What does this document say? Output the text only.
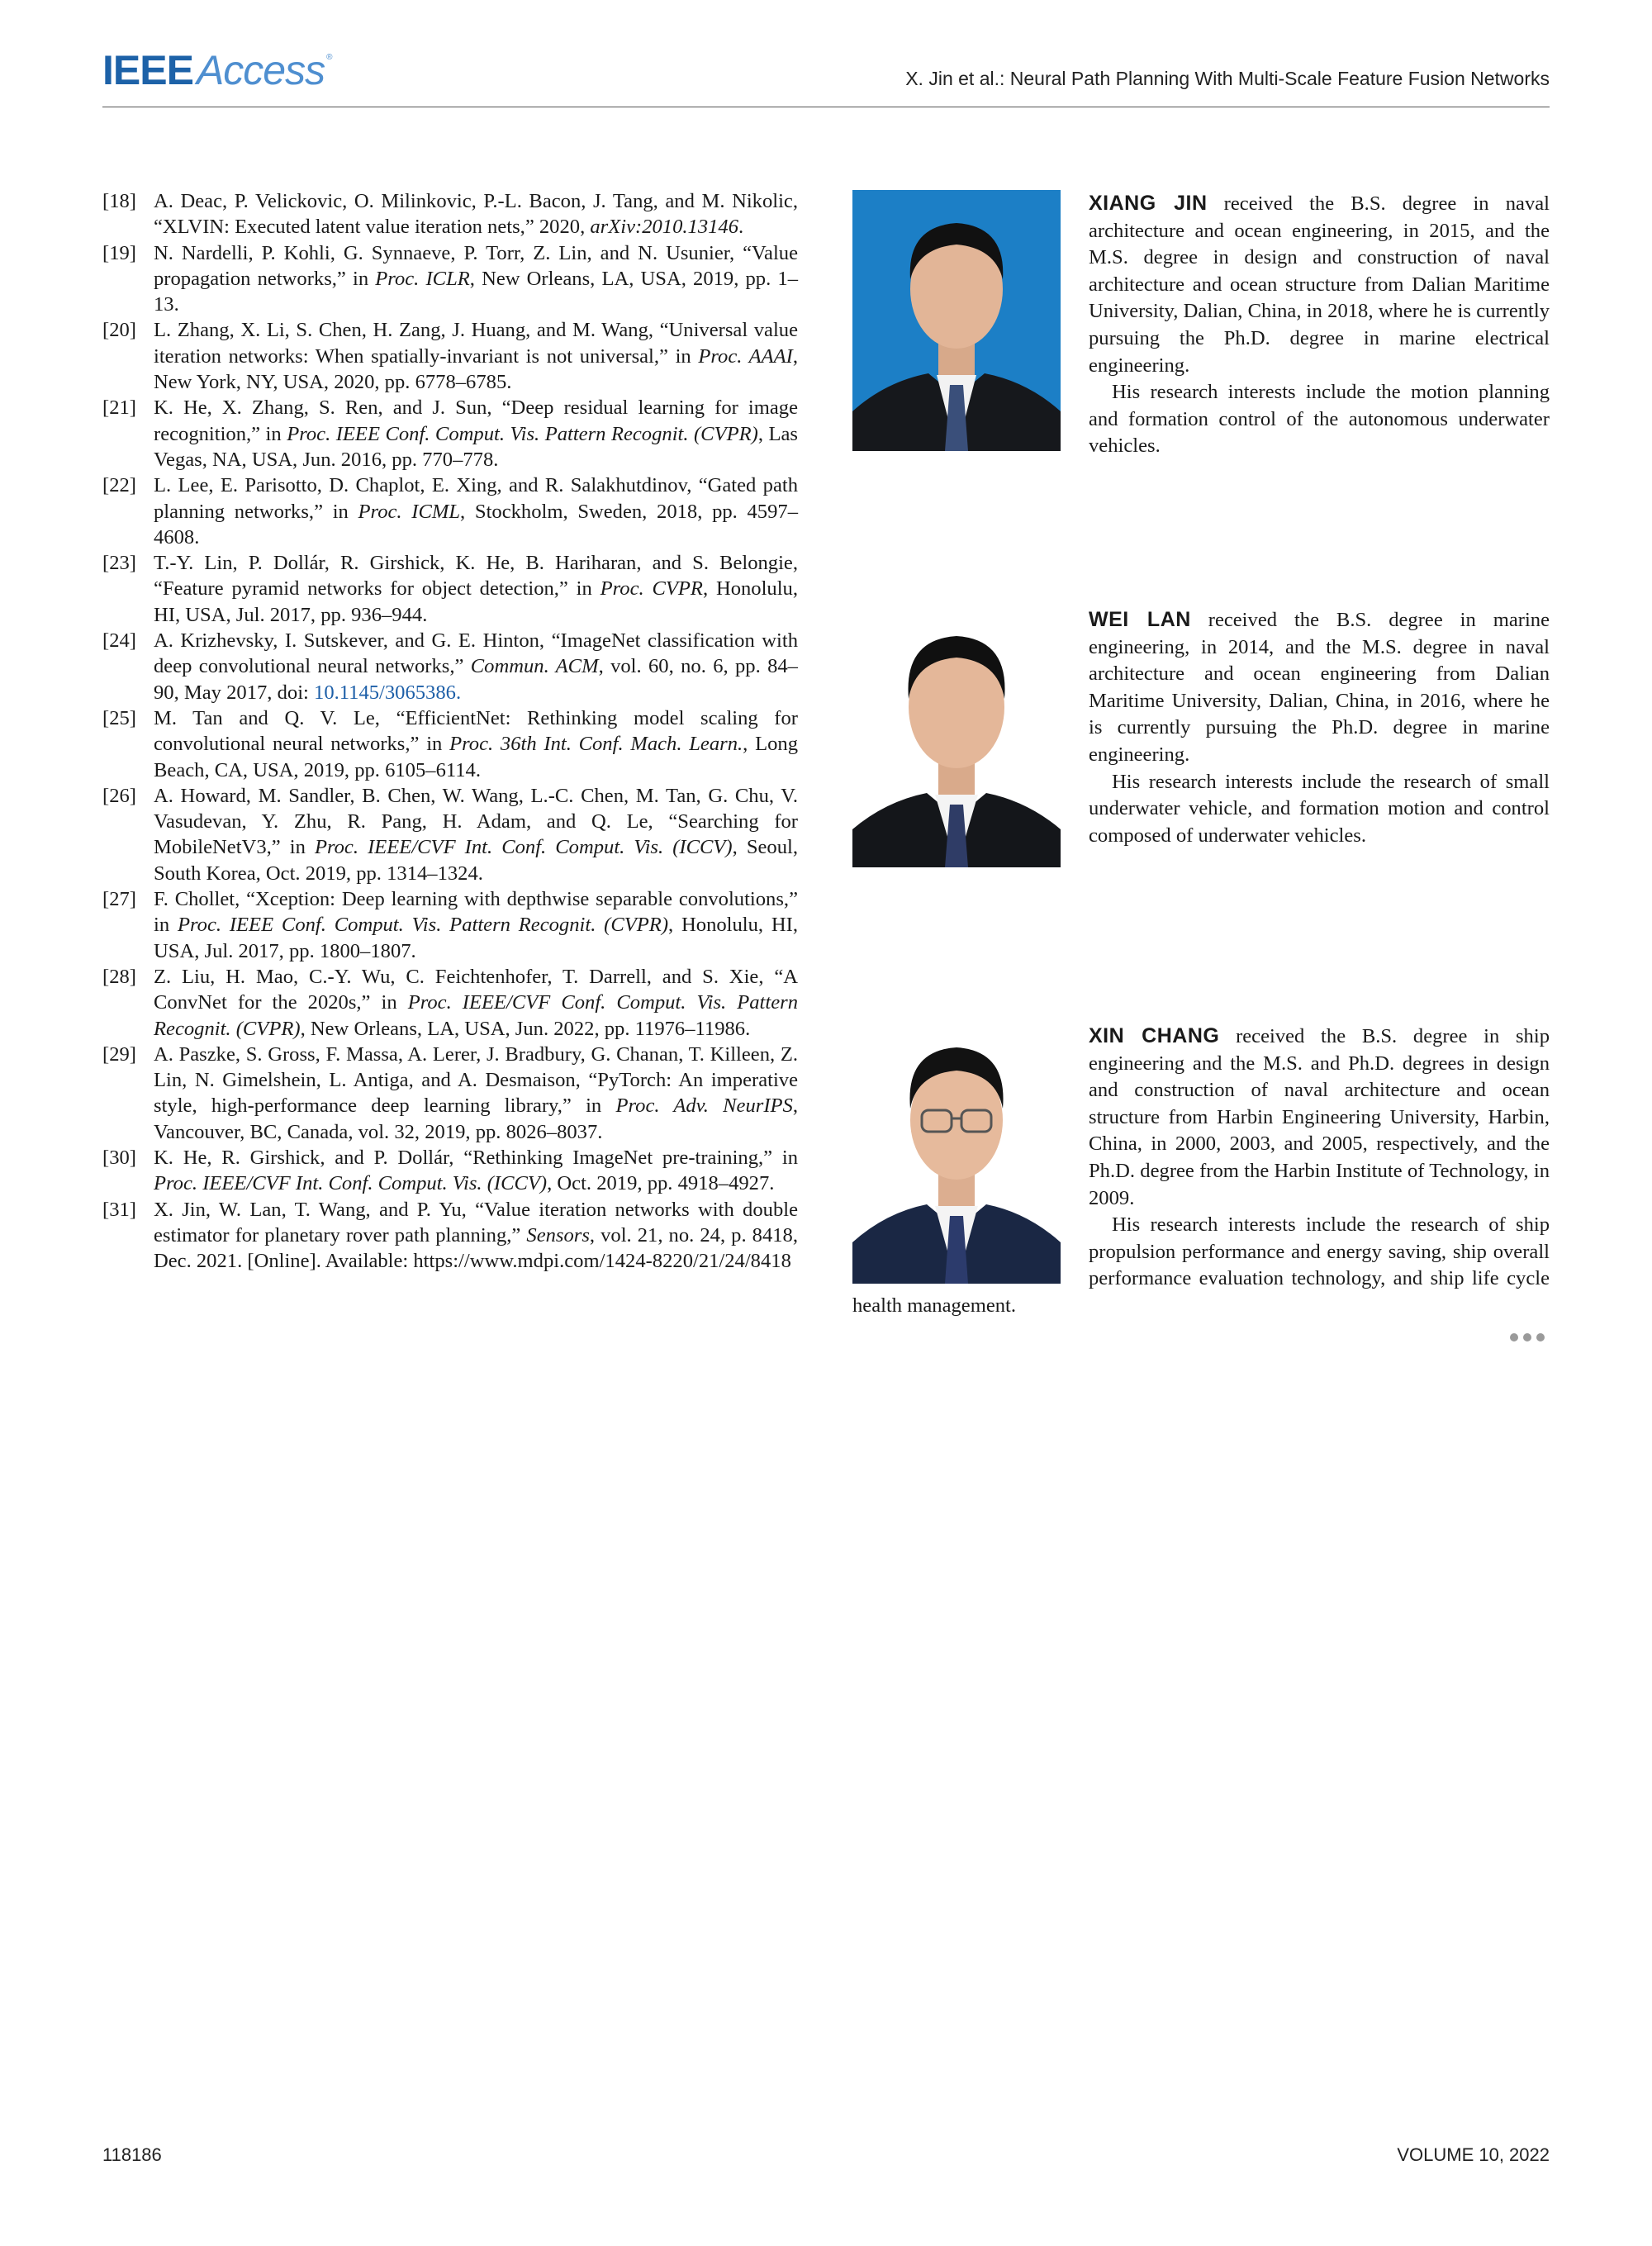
IEEE Access ®
X. Jin et al.: Neural Path Planning With Multi-Scale Feature Fusion Networks
[18] A. Deac, P. Velickovic, O. Milinkovic, P.-L. Bacon, J. Tang, and M. Nikolic, “XLVIN: Executed latent value iteration nets,” 2020, arXiv:2010.13146.
[19] N. Nardelli, P. Kohli, G. Synnaeve, P. Torr, Z. Lin, and N. Usunier, “Value propagation networks,” in Proc. ICLR, New Orleans, LA, USA, 2019, pp. 1–13.
[20] L. Zhang, X. Li, S. Chen, H. Zang, J. Huang, and M. Wang, “Universal value iteration networks: When spatially-invariant is not universal,” in Proc. AAAI, New York, NY, USA, 2020, pp. 6778–6785.
[21] K. He, X. Zhang, S. Ren, and J. Sun, “Deep residual learning for image recognition,” in Proc. IEEE Conf. Comput. Vis. Pattern Recognit. (CVPR), Las Vegas, NA, USA, Jun. 2016, pp. 770–778.
[22] L. Lee, E. Parisotto, D. Chaplot, E. Xing, and R. Salakhutdinov, “Gated path planning networks,” in Proc. ICML, Stockholm, Sweden, 2018, pp. 4597–4608.
[23] T.-Y. Lin, P. Dollár, R. Girshick, K. He, B. Hariharan, and S. Belongie, “Feature pyramid networks for object detection,” in Proc. CVPR, Honolulu, HI, USA, Jul. 2017, pp. 936–944.
[24] A. Krizhevsky, I. Sutskever, and G. E. Hinton, “ImageNet classification with deep convolutional neural networks,” Commun. ACM, vol. 60, no. 6, pp. 84–90, May 2017, doi: 10.1145/3065386.
[25] M. Tan and Q. V. Le, “EfficientNet: Rethinking model scaling for convolutional neural networks,” in Proc. 36th Int. Conf. Mach. Learn., Long Beach, CA, USA, 2019, pp. 6105–6114.
[26] A. Howard, M. Sandler, B. Chen, W. Wang, L.-C. Chen, M. Tan, G. Chu, V. Vasudevan, Y. Zhu, R. Pang, H. Adam, and Q. Le, “Searching for MobileNetV3,” in Proc. IEEE/CVF Int. Conf. Comput. Vis. (ICCV), Seoul, South Korea, Oct. 2019, pp. 1314–1324.
[27] F. Chollet, “Xception: Deep learning with depthwise separable convolutions,” in Proc. IEEE Conf. Comput. Vis. Pattern Recognit. (CVPR), Honolulu, HI, USA, Jul. 2017, pp. 1800–1807.
[28] Z. Liu, H. Mao, C.-Y. Wu, C. Feichtenhofer, T. Darrell, and S. Xie, “A ConvNet for the 2020s,” in Proc. IEEE/CVF Conf. Comput. Vis. Pattern Recognit. (CVPR), New Orleans, LA, USA, Jun. 2022, pp. 11976–11986.
[29] A. Paszke, S. Gross, F. Massa, A. Lerer, J. Bradbury, G. Chanan, T. Killeen, Z. Lin, N. Gimelshein, L. Antiga, and A. Desmaison, “PyTorch: An imperative style, high-performance deep learning library,” in Proc. Adv. NeurIPS, Vancouver, BC, Canada, vol. 32, 2019, pp. 8026–8037.
[30] K. He, R. Girshick, and P. Dollár, “Rethinking ImageNet pre-training,” in Proc. IEEE/CVF Int. Conf. Comput. Vis. (ICCV), Oct. 2019, pp. 4918–4927.
[31] X. Jin, W. Lan, T. Wang, and P. Yu, “Value iteration networks with double estimator for planetary rover path planning,” Sensors, vol. 21, no. 24, p. 8418, Dec. 2021. [Online]. Available: https://www.mdpi.com/1424-8220/21/24/8418

XIANG JIN received the B.S. degree in naval architecture and ocean engineering, in 2015, and the M.S. degree in design and construction of naval architecture and ocean structure from Dalian Maritime University, Dalian, China, in 2018, where he is currently pursuing the Ph.D. degree in marine electrical engineering.

His research interests include the motion planning and formation control of the autonomous underwater vehicles.

WEI LAN received the B.S. degree in marine engineering, in 2014, and the M.S. degree in naval architecture and ocean engineering from Dalian Maritime University, Dalian, China, in 2016, where he is currently pursuing the Ph.D. degree in marine engineering.

His research interests include the research of small underwater vehicle, and formation motion and control composed of underwater vehicles.

XIN CHANG received the B.S. degree in ship engineering and the M.S. and Ph.D. degrees in design and construction of naval architecture and ocean structure from Harbin Engineering University, Harbin, China, in 2000, 2003, and 2005, respectively, and the Ph.D. degree from the Harbin Institute of Technology, in 2009.

His research interests include the research of ship propulsion performance and energy saving, ship overall performance evaluation technology, and ship life cycle health management.

118186	VOLUME 10, 2022
